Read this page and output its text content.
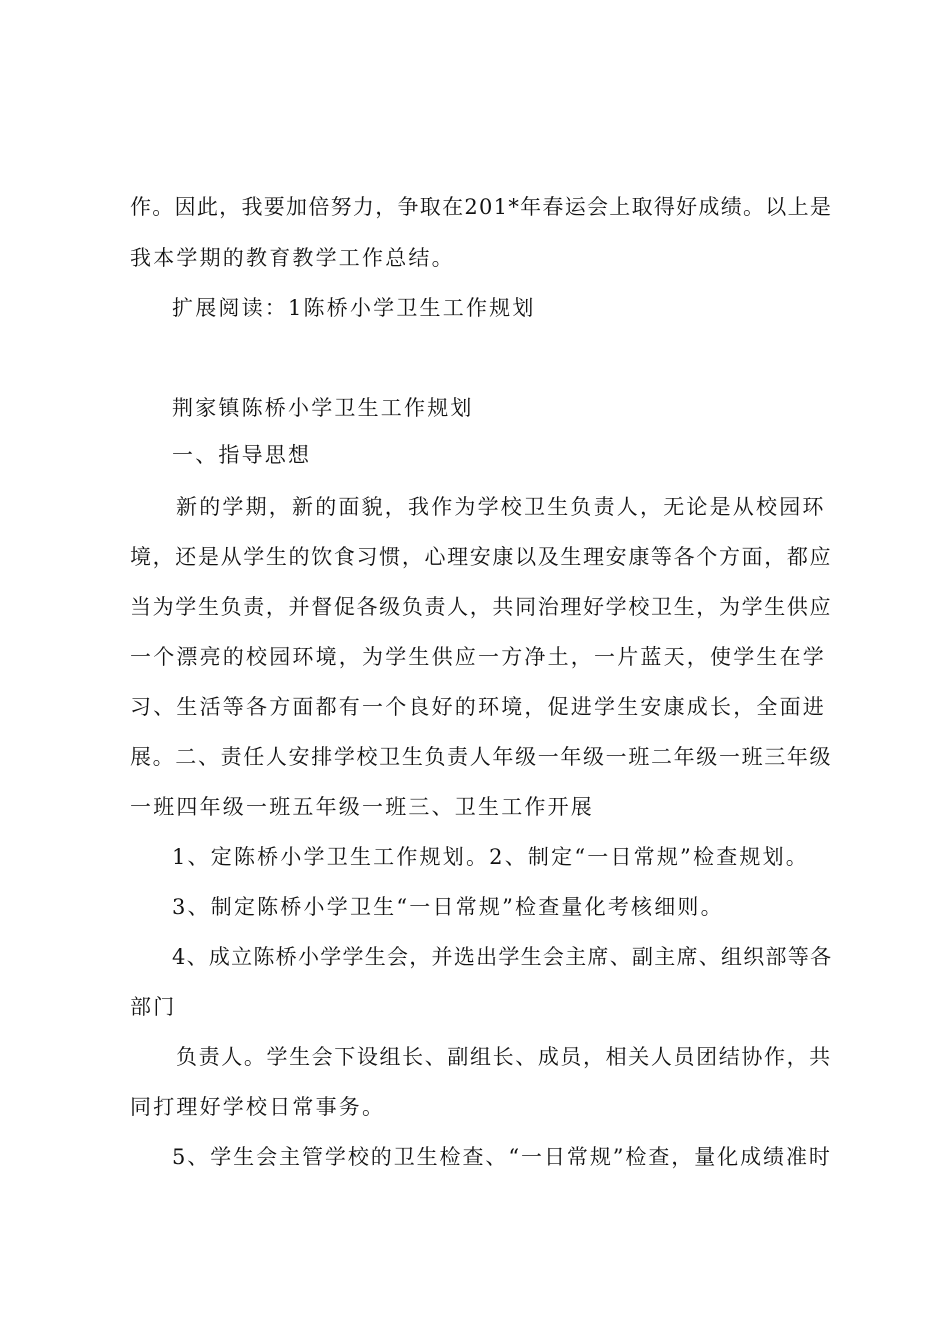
作。因此，我要加倍努力，争取在201*年春运会上取得好成绩。以上是
我本学期的教育教学工作总结。
扩展阅读：1陈桥小学卫生工作规划
荆家镇陈桥小学卫生工作规划
一、指导思想
新的学期，新的面貌，我作为学校卫生负责人，无论是从校园环
境，还是从学生的饮食习惯，心理安康以及生理安康等各个方面，都应
当为学生负责，并督促各级负责人，共同治理好学校卫生，为学生供应
一个漂亮的校园环境，为学生供应一方净土，一片蓝天，使学生在学
习、生活等各方面都有一个良好的环境，促进学生安康成长，全面进
展。二、责任人安排学校卫生负责人年级一年级一班二年级一班三年级
一班四年级一班五年级一班三、卫生工作开展
1、定陈桥小学卫生工作规划。2、制定“一日常规”检查规划。
3、制定陈桥小学卫生“一日常规”检查量化考核细则。
4、成立陈桥小学学生会，并选出学生会主席、副主席、组织部等各
部门
负责人。学生会下设组长、副组长、成员，相关人员团结协作，共
同打理好学校日常事务。
5、学生会主管学校的卫生检查、“一日常规”检查，量化成绩准时
